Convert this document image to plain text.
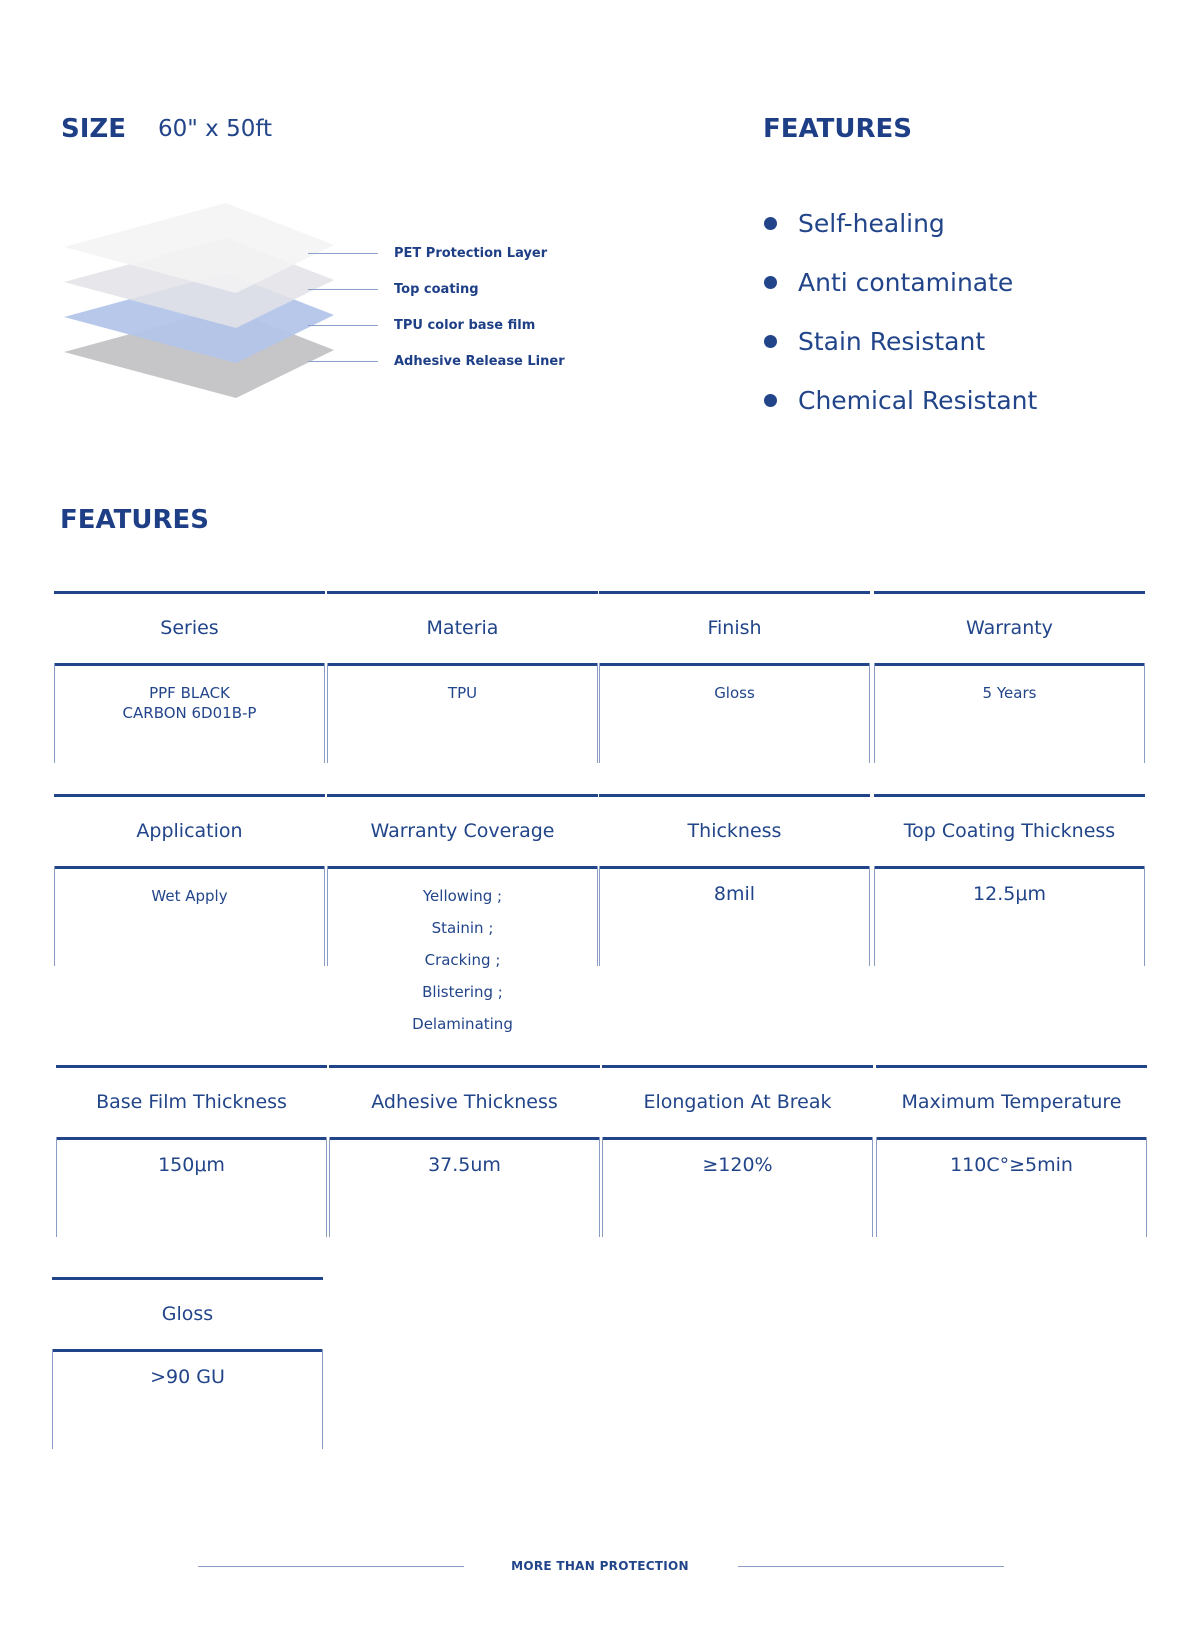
SIZE 60" x 50ft	FEATURES
PET Protection Layer
Top coating
TPU color base film
Adhesive Release Liner
Self-healing
Anti contaminate
Stain Resistant
Chemical Resistant
FEATURES
Series
PPF BLACK
CARBON 6D01B-P
Materia
TPU
Finish
Gloss
Warranty
5 Years
Application
Wet Apply
Warranty Coverage
Yellowing ;
Stainin ;
Cracking ;
Blistering ;
Delaminating
Thickness
8mil
Top Coating Thickness
12.5μm
Base Film Thickness
150μm
Adhesive Thickness
37.5um
Elongation At Break
≥120%
Maximum Temperature
110C°≥5min
Gloss
>90 GU
MORE THAN PROTECTION
